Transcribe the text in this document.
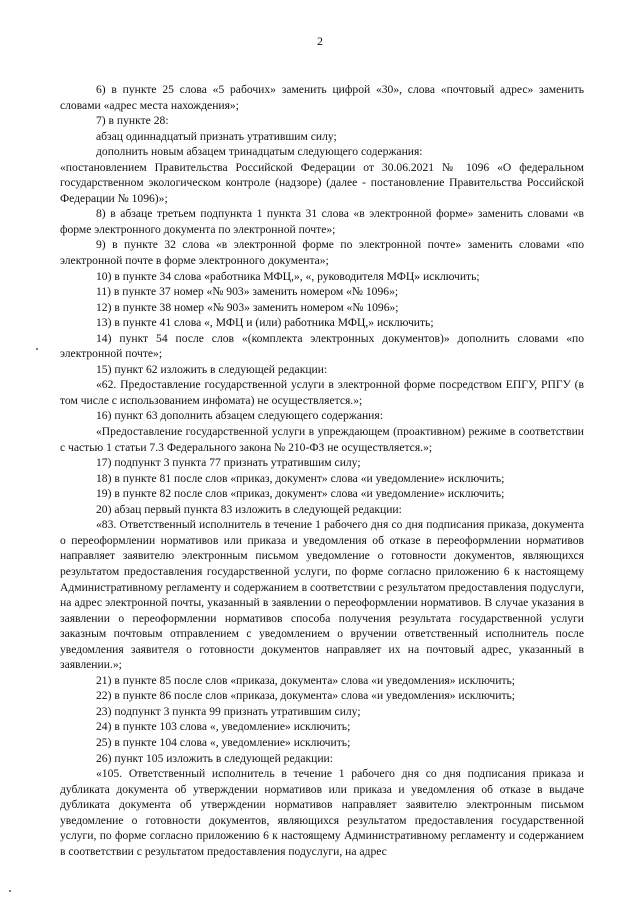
2

6) в пункте 25 слова «5 рабочих» заменить цифрой «30», слова «почтовый адрес» заменить словами «адрес места нахождения»;

7) в пункте 28:

абзац одиннадцатый признать утратившим силу;

дополнить новым абзацем тринадцатым следующего содержания:

«постановлением Правительства Российской Федерации от 30.06.2021 № 1096 «О федеральном государственном экологическом контроле (надзоре) (далее - постановление Правительства Российской Федерации № 1096)»;

8) в абзаце третьем подпункта 1 пункта 31 слова «в электронной форме» заменить словами «в форме электронного документа по электронной почте»;

9) в пункте 32 слова «в электронной форме по электронной почте» заменить словами «по электронной почте в форме электронного документа»;

10) в пункте 34 слова «работника МФЦ,», «, руководителя МФЦ» исключить;

11) в пункте 37 номер «№ 903» заменить номером «№ 1096»;

12) в пункте 38 номер «№ 903» заменить номером «№ 1096»;

13) в пункте 41 слова «, МФЦ и (или) работника МФЦ,» исключить;

14) пункт 54 после слов «(комплекта электронных документов)» дополнить словами «по электронной почте»;

15) пункт 62 изложить в следующей редакции:

«62. Предоставление государственной услуги в электронной форме посредством ЕПГУ, РПГУ (в том числе с использованием инфомата) не осуществляется.»;

16) пункт 63 дополнить абзацем следующего содержания:

«Предоставление государственной услуги в упреждающем (проактивном) режиме в соответствии с частью 1 статьи 7.3 Федерального закона № 210-ФЗ не осуществляется.»;

17) подпункт 3 пункта 77 признать утратившим силу;

18) в пункте 81 после слов «приказ, документ» слова «и уведомление» исключить;

19) в пункте 82 после слов «приказ, документ» слова «и уведомление» исключить;

20) абзац первый пункта 83 изложить в следующей редакции:

«83. Ответственный исполнитель в течение 1 рабочего дня со дня подписания приказа, документа о переоформлении нормативов или приказа и уведомления об отказе в переоформлении нормативов направляет заявителю электронным письмом уведомление о готовности документов, являющихся результатом предоставления государственной услуги, по форме согласно приложению 6 к настоящему Административному регламенту и содержанием в соответствии с результатом предоставления подуслуги, на адрес электронной почты, указанный в заявлении о переоформлении нормативов. В случае указания в заявлении о переоформлении нормативов способа получения результата государственной услуги заказным почтовым отправлением с уведомлением о вручении ответственный исполнитель после уведомления заявителя о готовности документов направляет их на почтовый адрес, указанный в заявлении.»;

21) в пункте 85 после слов «приказа, документа» слова «и уведомления» исключить;

22) в пункте 86 после слов «приказа, документа» слова «и уведомления» исключить;

23) подпункт 3 пункта 99 признать утратившим силу;

24) в пункте 103 слова «, уведомление» исключить;

25) в пункте 104 слова «, уведомление» исключить;

26) пункт 105 изложить в следующей редакции:

«105. Ответственный исполнитель в течение 1 рабочего дня со дня подписания приказа и дубликата документа об утверждении нормативов или приказа и уведомления об отказе в выдаче дубликата документа об утверждении нормативов направляет заявителю электронным письмом уведомление о готовности документов, являющихся результатом предоставления государственной услуги, по форме согласно приложению 6 к настоящему Административному регламенту и содержанием в соответствии с результатом предоставления подуслуги, на адрес
